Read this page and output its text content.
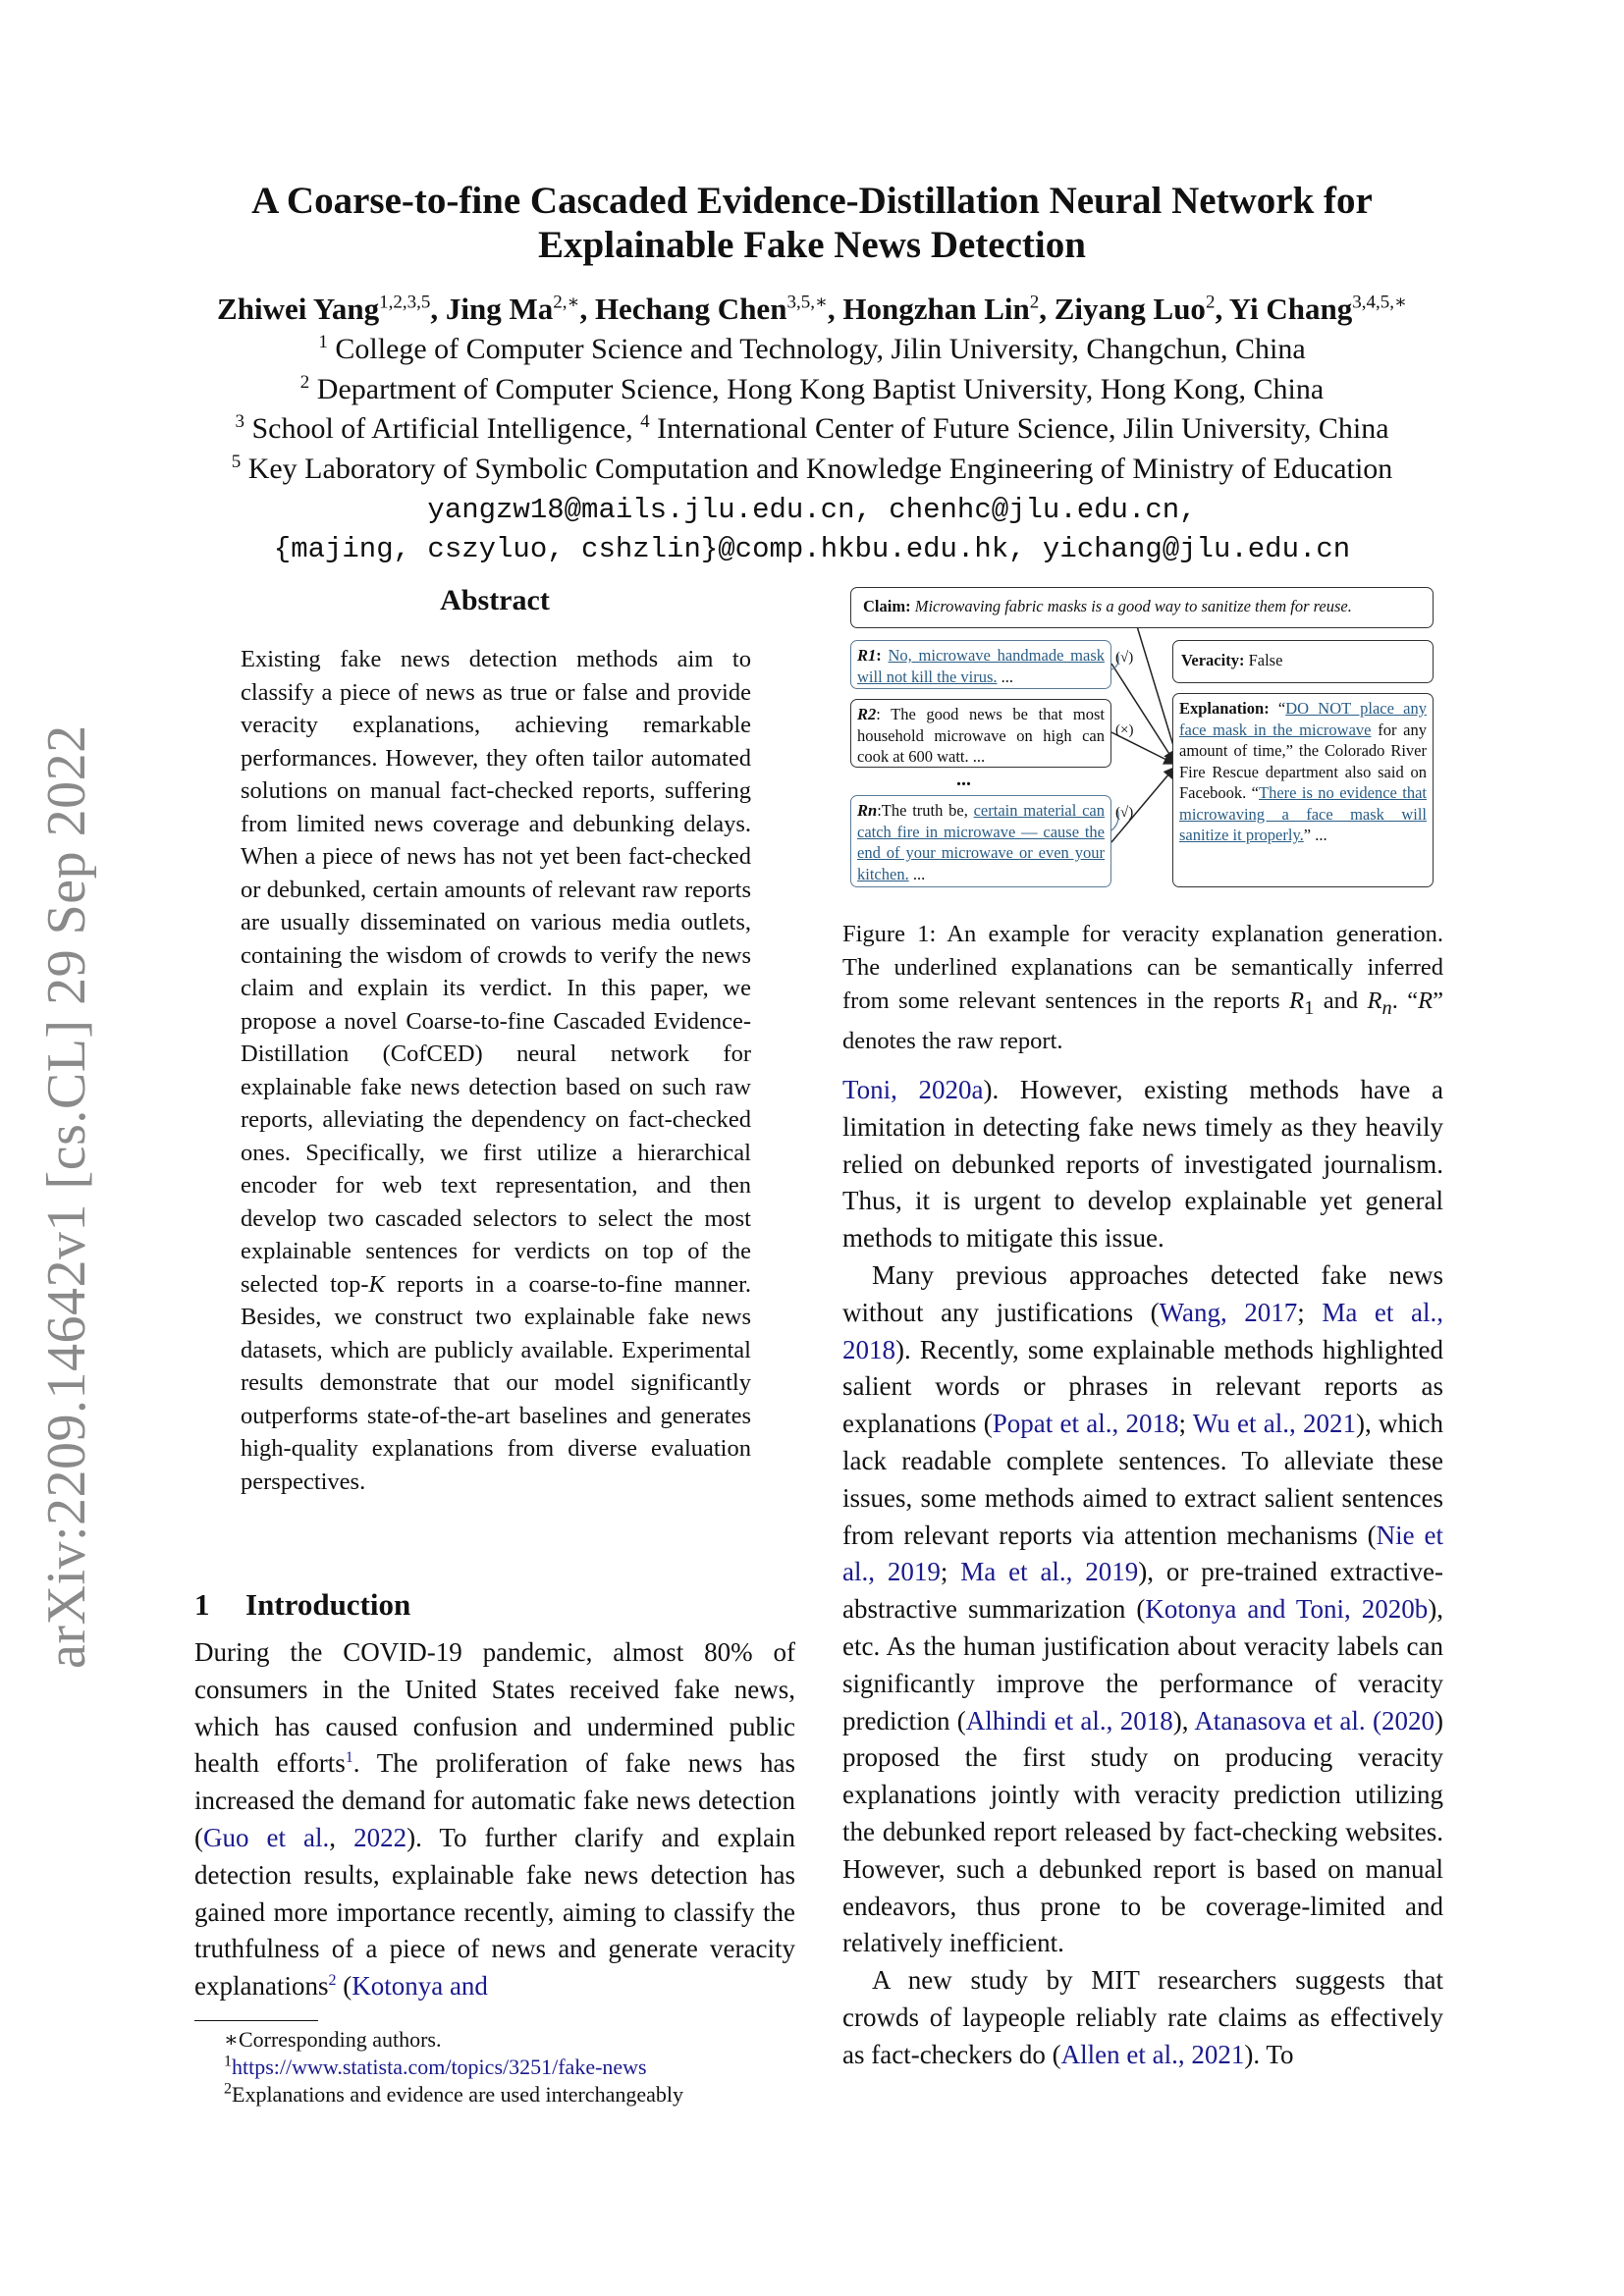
arXiv:2209.14642v1 [cs.CL] 29 Sep 2022
A Coarse-to-fine Cascaded Evidence-Distillation Neural Network for
Explainable Fake News Detection
Zhiwei Yang$^{1,2,3,5}$, Jing $Ma^{2,∗}$, Hechang Chen$^{3,5,∗}$, Hongzhan Lin$^2$, Ziyang Luo$^2$, Yi Chang$^{3,4,5,∗}$
$^1$ College of Computer Science and Technology, Jilin University, Changchun, China
$^2$ Department of Computer Science, Hong Kong Baptist University, Hong Kong, China
$^3$ School of Artificial Intelligence, $^4$ International Center of Future Science, Jilin University, China
$^5$ Key Laboratory of Symbolic Computation and Knowledge Engineering of Ministry of Education
yangzw18@mails.jlu.edu.cn, chenhc@jlu.edu.cn,
{majing, cszyluo, cshzlin}@comp.hkbu.edu.hk, yichang@jlu.edu.cn
Abstract
Existing fake news detection methods aim to classify a piece of news as true or false and provide veracity explanations, achieving remarkable performances. However, they often tailor automated solutions on manual fact-checked reports, suffering from limited news coverage and debunking delays. When a piece of news has not yet been fact-checked or debunked, certain amounts of relevant raw reports are usually disseminated on various media outlets, containing the wisdom of crowds to verify the news claim and explain its verdict. In this paper, we propose a novel Coarse-to-fine Cascaded Evidence-Distillation (CofCED) neural network for explainable fake news detection based on such raw reports, alleviating the dependency on fact-checked ones. Specifically, we first utilize a hierarchical encoder for web text representation, and then develop two cascaded selectors to select the most explainable sentences for verdicts on top of the selected top-K reports in a coarse-to-fine manner. Besides, we construct two explainable fake news datasets, which are publicly available. Experimental results demonstrate that our model significantly outperforms state-of-the-art baselines and generates high-quality explanations from diverse evaluation perspectives.
1 Introduction

During the COVID-19 pandemic, almost 80% of consumers in the United States received fake news, which has caused confusion and undermined public health efforts$^1$. The proliferation of fake news has increased the demand for automatic fake news detection (Guo et al., 2022). To further clarify and explain detection results, explainable fake news detection has gained more importance recently, aiming to classify the truthfulness of a piece of news and generate veracity explanations$^2$ (Kotonya and

∗Corresponding authors.
$^1$https://www.statista.com/topics/3251/fake-news
$^2$Explanations and evidence are used interchangeably
Claim: Microwaving fabric masks is a good way to sanitize them for reuse.
R1: No, microwave handmade mask will not kill the virus. ...
(√)
R2: The good news be that most household microwave on high can cook at 600 watt. ...
(×)
...
Rn:The truth be, certain material can catch fire in microwave — cause the end of your microwave or even your kitchen. ...
(√)
Veracity: False
Explanation: “DO NOT place any face mask in the microwave for any amount of time,” the Colorado River Fire Rescue department also said on Facebook. “There is no evidence that microwaving a face mask will sanitize it properly.” ...
Figure 1: An example for veracity explanation generation. The underlined explanations can be semantically inferred from some relevant sentences in the reports $R_1$ and $R_n$. “R” denotes the raw report.

Toni, 2020a). However, existing methods have a limitation in detecting fake news timely as they heavily relied on debunked reports of investigated journalism. Thus, it is urgent to develop explainable yet general methods to mitigate this issue.

Many previous approaches detected fake news without any justifications (Wang, 2017; Ma et al., 2018). Recently, some explainable methods highlighted salient words or phrases in relevant reports as explanations (Popat et al., 2018; Wu et al., 2021), which lack readable complete sentences. To alleviate these issues, some methods aimed to extract salient sentences from relevant reports via attention mechanisms (Nie et al., 2019; Ma et al., 2019), or pre-trained extractive-abstractive summarization (Kotonya and Toni, 2020b), etc. As the human justification about veracity labels can significantly improve the performance of veracity prediction (Alhindi et al., 2018), Atanasova et al. (2020) proposed the first study on producing veracity explanations jointly with veracity prediction utilizing the debunked report released by fact-checking websites. However, such a debunked report is based on manual endeavors, thus prone to be coverage-limited and relatively inefficient.

A new study by MIT researchers suggests that crowds of laypeople reliably rate claims as effectively as fact-checkers do (Allen et al., 2021). To
